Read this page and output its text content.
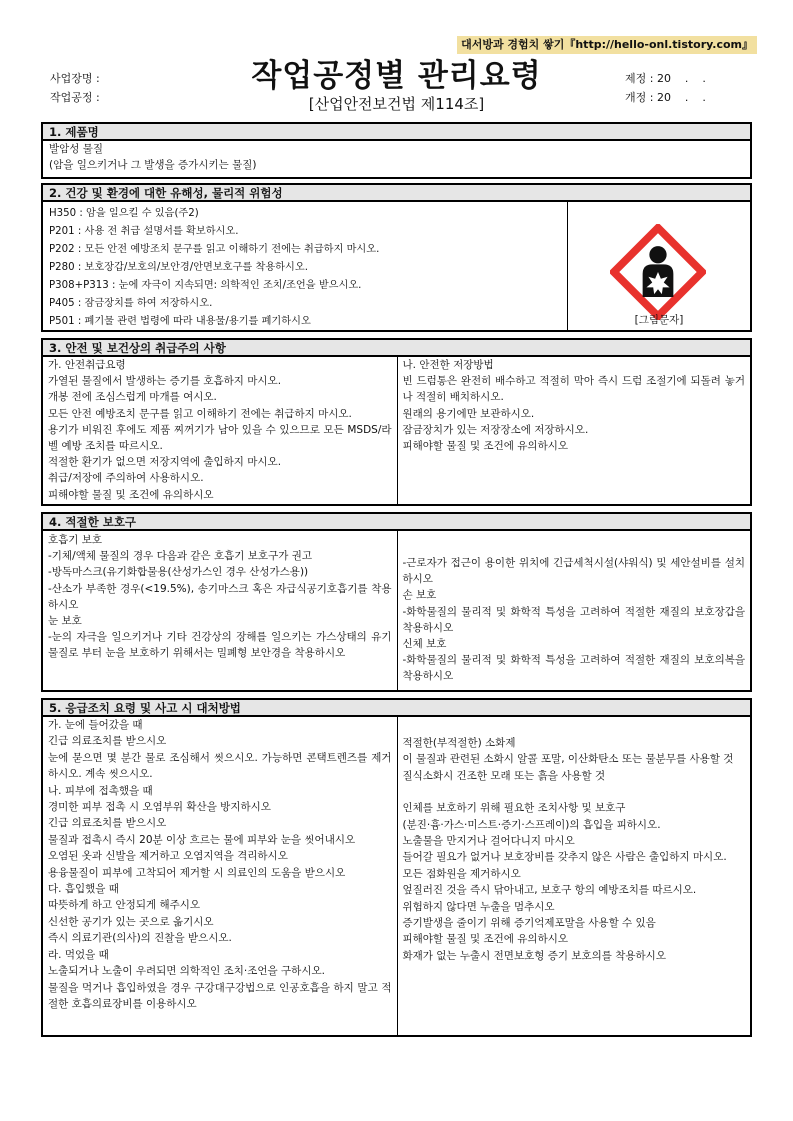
대서방과 경험치 쌓기『http://hello-onl.tistory.com』
사업장명 :
작업공정 :
작업공정별 관리요령
[산업안전보건법 제114조]
제정 : 20    .    .
개정 : 20    .    .
1. 제품명
발암성 물질
(암을 일으키거나 그 발생을 증가시키는 물질)
2. 건강 및 환경에 대한 유해성, 물리적 위험성
H350 : 암을 일으킬 수 있음(주2)
P201 : 사용 전 취급 설명서를 확보하시오.
P202 : 모든 안전 예방조치 문구를 읽고 이해하기 전에는 취급하지 마시오.
P280 : 보호장갑/보호의/보안경/안면보호구를 착용하시오.
P308+P313 : 눈에 자극이 지속되면: 의학적인 조치/조언을 받으시오.
P405 : 잠금장치를 하여 저장하시오.
P501 : 폐기물 관련 법령에 따라 내용물/용기를 폐기하시오	[그림문자]
3. 안전 및 보건상의 취급주의 사항
가. 안전취급요령
가열된 물질에서 발생하는 증기를 호흡하지 마시오.
개봉 전에 조심스럽게 마개를 여시오.
모든 안전 예방조치 문구를 읽고 이해하기 전에는 취급하지 마시오.
용기가 비워진 후에도 제품 찌꺼기가 남아 있을 수 있으므로 모든 MSDS/라벨 예방 조치를 따르시오.
적절한 환기가 없으면 저장지역에 출입하지 마시오.
취급/저장에 주의하여 사용하시오.
피해야할 물질 및 조건에 유의하시오
나. 안전한 저장방법
빈 드럼통은 완전히 배수하고 적절히 막아 즉시 드럼 조절기에 되돌려 놓거나 적절히 배치하시오.
원래의 용기에만 보관하시오.
잠금장치가 있는 저장장소에 저장하시오.
피해야할 물질 및 조건에 유의하시오
4. 적절한 보호구
호흡기 보호
-기체/액체 물질의 경우 다음과 같은 호흡기 보호구가 권고
-방독마스크(유기화합물용(산성가스인 경우 산성가스용))
-산소가 부족한 경우(<19.5%), 송기마스크 혹은 자급식공기호흡기를 착용하시오
눈 보호
-눈의 자극을 일으키거나 기타 건강상의 장해를 일으키는 가스상태의 유기물질로 부터 눈을 보호하기 위해서는 밀폐형 보안경을 착용하시오
-근로자가 접근이 용이한 위치에 긴급세척시설(샤워식) 및 세안설비를 설치하시오
손 보호
-화학물질의 물리적 및 화학적 특성을 고려하여 적절한 재질의 보호장갑을 착용하시오
신체 보호
-화학물질의 물리적 및 화학적 특성을 고려하여 적절한 재질의 보호의복을 착용하시오
5. 응급조치 요령 및 사고 시 대처방법
가. 눈에 들어갔을 때
긴급 의료조치를 받으시오
눈에 묻으면 몇 분간 물로 조심해서 씻으시오. 가능하면 콘택트렌즈를 제거하시오. 계속 씻으시오.
나. 피부에 접촉했을 때
경미한 피부 접촉 시 오염부위 확산을 방지하시오
긴급 의료조치를 받으시오
물질과 접촉시 즉시 20분 이상 흐르는 물에 피부와 눈을 씻어내시오
오염된 옷과 신발을 제거하고 오염지역을 격리하시오
용융물질이 피부에 고착되어 제거할 시 의료인의 도움을 받으시오
다. 흡입했을 때
따뜻하게 하고 안정되게 해주시오
신선한 공기가 있는 곳으로 옮기시오
즉시 의료기관(의사)의 진찰을 받으시오.
라. 먹었을 때
노출되거나 노출이 우려되면 의학적인 조치·조언을 구하시오.
물질을 먹거나 흡입하였을 경우 구강대구강법으로 인공호흡을 하지 말고 적절한 호흡의료장비를 이용하시오
적절한(부적절한) 소화제
이 물질과 관련된 소화시 알콜 포말, 이산화탄소 또는 물분무를 사용할 것
질식소화시 건조한 모래 또는 흙을 사용할 것
인체를 보호하기 위해 필요한 조치사항 및 보호구
(분진·흄·가스·미스트·증기·스프레이)의 흡입을 피하시오.
노출물을 만지거나 걸어다니지 마시오
들어갈 필요가 없거나 보호장비를 갖추지 않은 사람은 출입하지 마시오.
모든 점화원을 제거하시오
엎질러진 것을 즉시 닦아내고, 보호구 항의 예방조치를 따르시오.
위험하지 않다면 누출을 멈추시오
증기발생을 줄이기 위해 증기억제포말을 사용할 수 있음
피해야할 물질 및 조건에 유의하시오
화재가 없는 누출시 전면보호형 증기 보호의를 착용하시오
